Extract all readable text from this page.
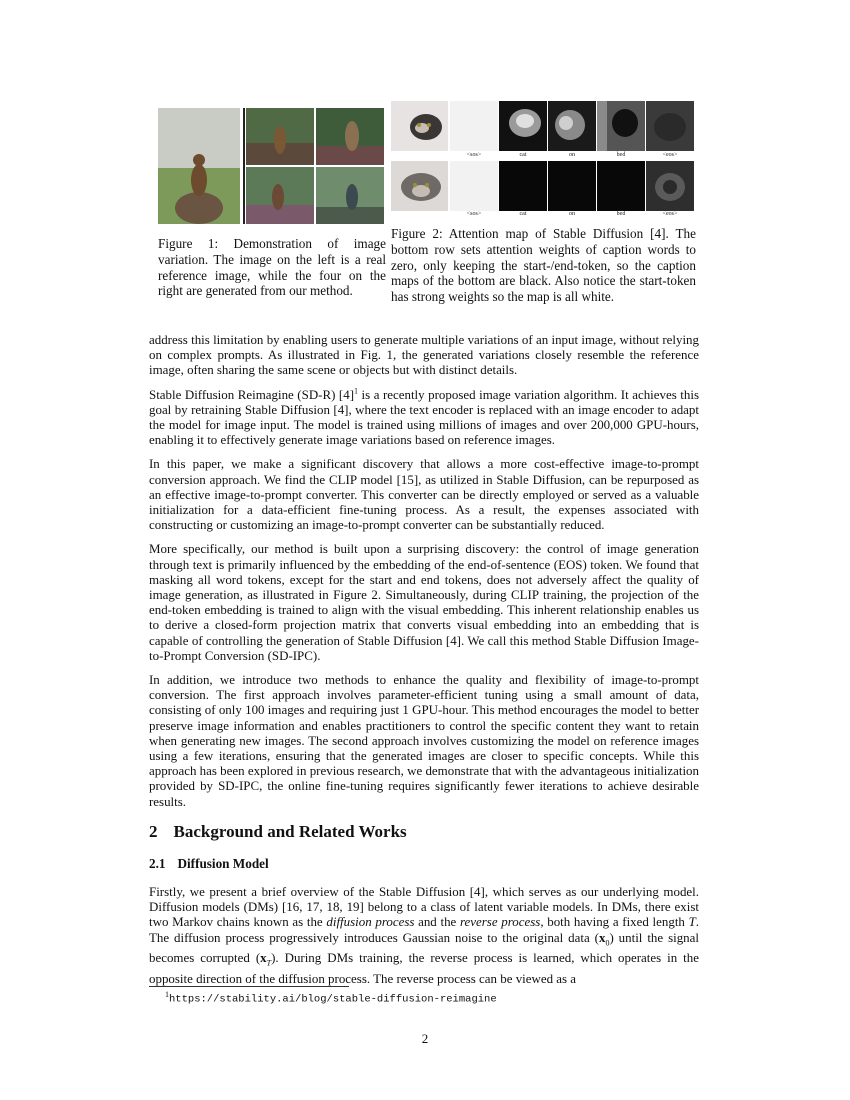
<sos>	cat	on	bed	<eos>
<sos>	cat	on	bed	<eos>

Figure 1: Demonstration of image variation. The image on the left is a real reference image, while the four on the right are generated from our method.

Figure 2: Attention map of Stable Diffusion [4]. The bottom row sets attention weights of caption words to zero, only keeping the start-/end-token, so the caption maps of the bottom are black. Also notice the start-token has strong weights so the map is all white.

address this limitation by enabling users to generate multiple variations of an input image, without relying on complex prompts. As illustrated in Fig. 1, the generated variations closely resemble the reference image, often sharing the same scene or objects but with distinct details.

Stable Diffusion Reimagine (SD-R) $[4]^1$ is a recently proposed image variation algorithm. It achieves this goal by retraining Stable Diffusion [4], where the text encoder is replaced with an image encoder to adapt the model for image input. The model is trained using millions of images and over 200,000 GPU-hours, enabling it to effectively generate image variations based on reference images.

In this paper, we make a significant discovery that allows a more cost-effective image-to-prompt conversion approach. We find the CLIP model [15], as utilized in Stable Diffusion, can be repurposed as an effective image-to-prompt converter. This converter can be directly employed or served as a valuable initialization for a data-efficient fine-tuning process. As a result, the expenses associated with constructing or customizing an image-to-prompt converter can be substantially reduced.

More specifically, our method is built upon a surprising discovery: the control of image generation through text is primarily influenced by the embedding of the end-of-sentence (EOS) token. We found that masking all word tokens, except for the start and end tokens, does not adversely affect the quality of image generation, as illustrated in Figure 2. Simultaneously, during CLIP training, the projection of the end-token embedding is trained to align with the visual embedding. This inherent relationship enables us to derive a closed-form projection matrix that converts visual embedding into an embedding that is capable of controlling the generation of Stable Diffusion [4]. We call this method Stable Diffusion Image-to-Prompt Conversion (SD-IPC).

In addition, we introduce two methods to enhance the quality and flexibility of image-to-prompt conversion. The first approach involves parameter-efficient tuning using a small amount of data, consisting of only 100 images and requiring just 1 GPU-hour. This method encourages the model to better preserve image information and enables practitioners to control the specific content they want to retain when generating new images. The second approach involves customizing the model on reference images using a few iterations, ensuring that the generated images are closer to specific concepts. While this approach has been explored in previous research, we demonstrate that with the advantageous initialization provided by SD-IPC, the online fine-tuning requires significantly fewer iterations to achieve desirable results.

2 Background and Related Works
2.1 Diffusion Model

Firstly, we present a brief overview of the Stable Diffusion [4], which serves as our underlying model. Diffusion models (DMs) [16, 17, 18, 19] belong to a class of latent variable models. In DMs, there exist two Markov chains known as the diffusion process and the reverse process, both having a fixed length T. The diffusion process progressively introduces Gaussian noise to the original data $(x_0)$ until the signal becomes corrupted $(x_T)$. During DMs training, the reverse process is learned, which operates in the opposite direction of the diffusion process. The reverse process can be viewed as a

$^1$https://stability.ai/blog/stable-diffusion-reimagine
2
